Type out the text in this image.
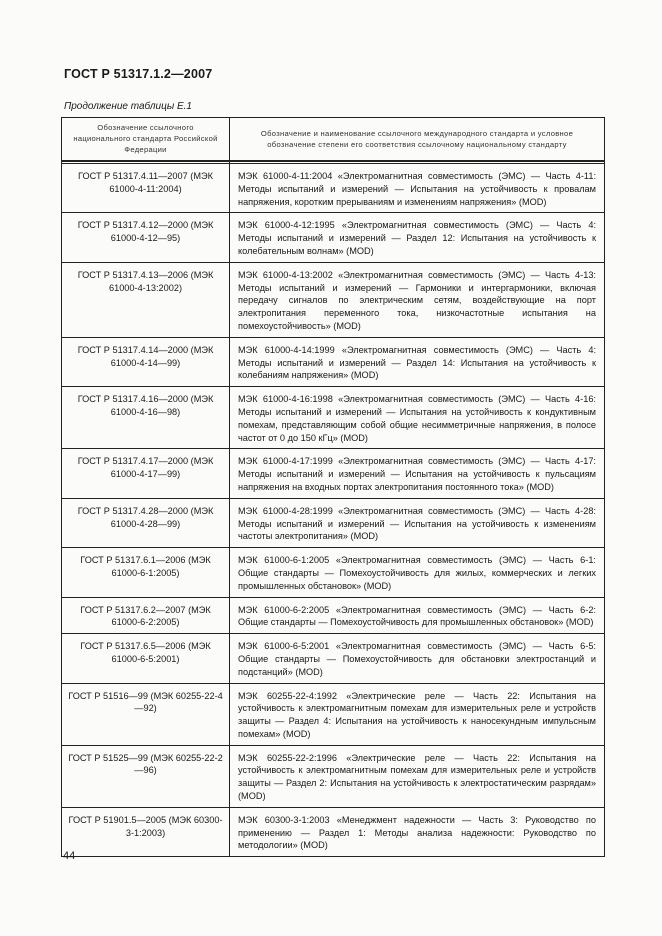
ГОСТ Р 51317.1.2—2007
Продолжение таблицы Е.1
Обозначение ссылочного национального стандарта Российской Федерации	Обозначение и наименование ссылочного международного стандарта и условное обозначение степени его соответствия ссылочному национальному стандарту

ГОСТ Р 51317.4.11—2007 (МЭК 61000-4-11:2004)	МЭК 61000-4-11:2004 «Электромагнитная совместимость (ЭМС) — Часть 4-11: Методы испытаний и измерений — Испытания на устойчивость к провалам напряжения, коротким прерываниям и изменениям напряжения» (MOD)
ГОСТ Р 51317.4.12—2000 (МЭК 61000-4-12—95)	МЭК 61000-4-12:1995 «Электромагнитная совместимость (ЭМС) — Часть 4: Методы испытаний и измерений — Раздел 12: Испытания на устойчивость к колебательным волнам» (MOD)
ГОСТ Р 51317.4.13—2006 (МЭК 61000-4-13:2002)	МЭК 61000-4-13:2002 «Электромагнитная совместимость (ЭМС) — Часть 4-13: Методы испытаний и измерений — Гармоники и интергармоники, включая передачу сигналов по электрическим сетям, воздействующие на порт электропитания переменного тока, низкочастотные испытания на помехоустойчивость» (MOD)
ГОСТ Р 51317.4.14—2000 (МЭК 61000-4-14—99)	МЭК 61000-4-14:1999 «Электромагнитная совместимость (ЭМС) — Часть 4: Методы испытаний и измерений — Раздел 14: Испытания на устойчивость к колебаниям напряжения» (MOD)
ГОСТ Р 51317.4.16—2000 (МЭК 61000-4-16—98)	МЭК 61000-4-16:1998 «Электромагнитная совместимость (ЭМС) — Часть 4-16: Методы испытаний и измерений — Испытания на устойчивость к кондуктивным помехам, представляющим собой общие несимметричные напряжения, в полосе частот от 0 до 150 кГц» (MOD)
ГОСТ Р 51317.4.17—2000 (МЭК 61000-4-17—99)	МЭК 61000-4-17:1999 «Электромагнитная совместимость (ЭМС) — Часть 4-17: Методы испытаний и измерений — Испытания на устойчивость к пульсациям напряжения на входных портах электропитания постоянного тока» (MOD)
ГОСТ Р 51317.4.28—2000 (МЭК 61000-4-28—99)	МЭК 61000-4-28:1999 «Электромагнитная совместимость (ЭМС) — Часть 4-28: Методы испытаний и измерений — Испытания на устойчивость к изменениям частоты электропитания» (MOD)
ГОСТ Р 51317.6.1—2006 (МЭК 61000-6-1:2005)	МЭК 61000-6-1:2005 «Электромагнитная совместимость (ЭМС) — Часть 6-1: Общие стандарты — Помехоустойчивость для жилых, коммерческих и легких промышленных обстановок» (MOD)
ГОСТ Р 51317.6.2—2007 (МЭК 61000-6-2:2005)	МЭК 61000-6-2:2005 «Электромагнитная совместимость (ЭМС) — Часть 6-2: Общие стандарты — Помехоустойчивость для промышленных обстановок» (MOD)
ГОСТ Р 51317.6.5—2006 (МЭК 61000-6-5:2001)	МЭК 61000-6-5:2001 «Электромагнитная совместимость (ЭМС) — Часть 6-5: Общие стандарты — Помехоустойчивость для обстановки электростанций и подстанций» (MOD)
ГОСТ Р 51516—99 (МЭК 60255-22-4—92)	МЭК 60255-22-4:1992 «Электрические реле — Часть 22: Испытания на устойчивость к электромагнитным помехам для измерительных реле и устройств защиты — Раздел 4: Испытания на устойчивость к наносекундным импульсным помехам» (MOD)
ГОСТ Р 51525—99 (МЭК 60255-22-2—96)	МЭК 60255-22-2:1996 «Электрические реле — Часть 22: Испытания на устойчивость к электромагнитным помехам для измерительных реле и устройств защиты — Раздел 2: Испытания на устойчивость к электростатическим разрядам» (MOD)
ГОСТ Р 51901.5—2005 (МЭК 60300-3-1:2003)	МЭК 60300-3-1:2003 «Менеджмент надежности — Часть 3: Руководство по применению — Раздел 1: Методы анализа надежности: Руководство по методологии» (MOD)
44
